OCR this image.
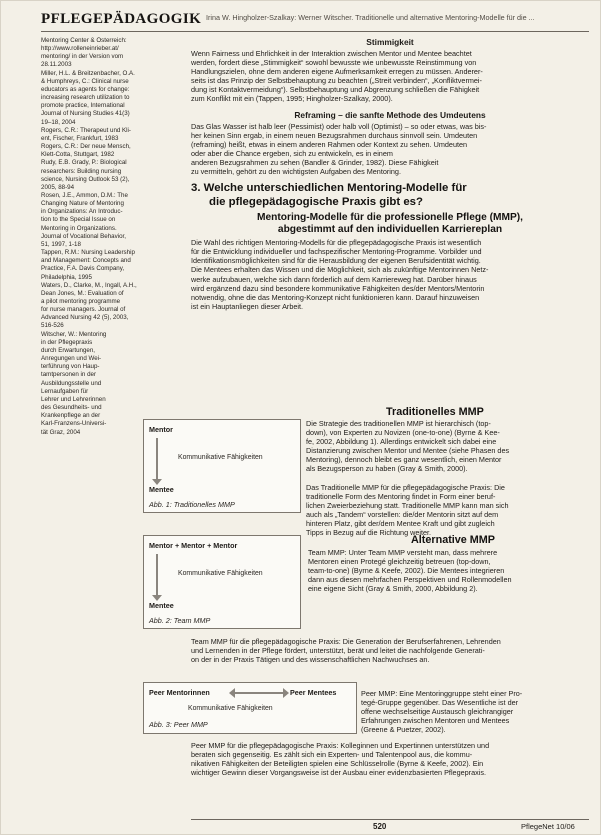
PFLEGEPÄDAGOGIK Irina W. Hingholzer-Szalkay: Werner Witscher. Traditionelle und alternative Mentoring-Modelle für die ...
Mentoring Center & Österreich:
http://www.rolleneinrieber.at/
mentoring/ in der Version vom
28.11.2003
Miller, H.L. & Breitzenbacher, O.A.
& Humphreys, C.: Clinical nurse
educators as agents for change:
increasing research utilization to
promote practice, International
Journal of Nursing Studies 41(3)
19–18, 2004
Rogers, C.R.: Therapeut und Kli-
ent, Fischer, Frankfurt, 1983
Rogers, C.R.: Der neue Mensch,
Klett-Cotta, Stuttgart, 1982
Rudy, E.B. Grady, P.: Biological
researchers: Building nursing
science, Nursing Outlook 53 (2),
2005, 88-94
Rosen, J.E., Ammon, D.M.: The
Changing Nature of Mentoring
in Organizations: An Introduc-
tion to the Special Issue on
Mentoring in Organizations.
Journal of Vocational Behavior,
51, 1997, 1-18
Tappen, R.M.: Nursing Leadership
and Management: Concepts and
Practice, F.A. Davis Company,
Philadelphia, 1995
Waters, D., Clarke, M., Ingall, A.H.,
Dean Jones, M.: Evaluation of
a pilot mentoring programme
for nurse managers. Journal of
Advanced Nursing 42 (5), 2003,
516-526
Witscher, W.: Mentoring
in der Pflegepraxis
durch Erwartungen,
Anregungen und Wei-
terführung von Haup-
tamtpersonen in der
Ausbildungsstelle und
Lernaufgaben für
Lehrer und Lehrerinnen
des Gesundheits- und
Krankenpflege an der
Karl-Franzens-Universi-
tät Graz, 2004
Stimmigkeit
Wenn Fairness und Ehrlichkeit in der Interaktion zwischen Mentor und Mentee beachtet
werden, fordert diese „Stimmigkeit“ sowohl bewusste wie unbewusste Reinstimmung von
Handlungszielen, ohne dem anderen eigene Aufmerksamkeit erregen zu müssen. Anderer-
seits ist das Prinzip der Selbstbehauptung zu beachten („Streit verbinden“, „Konfliktvermei-
dung ist Kontaktvermeidung“). Selbstbehauptung und Abgrenzung schließen die Fähigkeit
zum Konflikt mit ein (Tappen, 1995; Hingholzer-Szalkay, 2000).
Reframing – die sanfte Methode des Umdeutens
Das Glas Wasser ist halb leer (Pessimist) oder halb voll (Optimist) – so oder etwas, was bis-
her keinen Sinn ergab, in einem neuen Bezugsrahmen durchaus sinnvoll sein. Umdeuten
(reframing) heißt, etwas in einem anderen Rahmen oder Kontext zu sehen. Umdeuten
oder aber die Chance ergeben, sich zu entwickeln, es in einem
anderen Bezugsrahmen zu sehen (Bandler & Grinder, 1982). Diese Fähigkeit
zu vermitteln, gehört zu den wichtigsten Aufgaben des Mentoring.
3. Welche unterschiedlichen Mentoring-Modelle für
die pflegepädagogische Praxis gibt es?
Mentoring-Modelle für die professionelle Pflege (MMP),
abgestimmt auf den individuellen Karriereplan
Die Wahl des richtigen Mentoring-Modells für die pflegepädagogische Praxis ist wesentlich
für die Entwicklung individueller und fachspezifischer Mentoring-Programme. Vorbilder und
Identifikationsmöglichkeiten sind für die Herausbildung der eigenen Berufsidentität wichtig.
Die Mentees erhalten das Wissen und die Möglichkeit, sich als zukünftige Mentorinnen Netz-
werke aufzubauen, welche sich dann förderlich auf dem Karriereweg hat. Darüber hinaus
wird ergänzend dazu sind besondere kommunikative Fähigkeiten des/der Mentors/Mentorin
notwendig, ohne die das Mentoring-Konzept nicht funktionieren kann. Darauf hinzuweisen
ist ein Hauptanliegen dieser Arbeit.
Traditionelles MMP
Die Strategie des traditionellen MMP ist hierarchisch (top-
down), von Experten zu Novizen (one-to-one) (Byrne & Kee-
fe, 2002, Abbildung 1). Allerdings entwickelt sich dabei eine
Distanzierung zwischen Mentor und Mentee (siehe Phasen des
Mentoring), dennoch bleibt es ganz wesentlich, einen Mentor
als Bezugsperson zu haben (Gray & Smith, 2000).

Das Traditionelle MMP für die pflegepädagogische Praxis: Die
traditionelle Form des Mentoring findet in Form einer beruf-
lichen Zweierbeziehung statt. Traditionelle MMP kann man sich
auch als „Tandem“ vorstellen: die/der Mentorin sitzt auf dem
hinteren Platz, gibt der/dem Mentee Kraft und gibt zugleich
Tipps in Bezug auf die Richtung weiter.
Alternative MMP
Team MMP: Unter Team MMP versteht man, dass mehrere
Mentoren einen Protegé gleichzeitig betreuen (top-down,
team-to-one) (Byrne & Keefe, 2002). Die Mentees integrieren
dann aus diesen mehrfachen Perspektiven und Rollenmodellen
eine eigene Sicht (Gray & Smith, 2000, Abbildung 2).
Team MMP für die pflegepädagogische Praxis: Die Generation der Berufserfahrenen, Lehrenden
und Lernenden in der Pflege fördert, unterstützt, berät und leitet die nachfolgende Generati-
on der in der Praxis Tätigen und des wissenschaftlichen Nachwuchses an.
Peer MMP: Eine Mentoringgruppe steht einer Pro-
tegé-Gruppe gegenüber. Das Wesentliche ist der
offene wechselseitige Austausch gleichrangiger
Erfahrungen zwischen Mentoren und Mentees
(Greene & Puetzer, 2002).
Peer MMP für die pflegepädagogische Praxis: Kolleginnen und Expertinnen unterstützen und
beraten sich gegenseitig. Es zählt sich ein Experten- und Talentenpool aus, die kommu-
nikativen Fähigkeiten der Beteiligten spielen eine Schlüsselrolle (Byrne & Keefe, 2002). Ein
wichtiger Gewinn dieser Vorgangsweise ist der Ausbau einer evidenzbasierten Pflegepraxis.
Mentor
Kommunikative Fähigkeiten
Mentee
Abb. 1: Traditionelles MMP
Mentor + Mentor + Mentor
Kommunikative Fähigkeiten
Mentee
Abb. 2: Team MMP
Peer Mentorinnen	Peer Mentees
Kommunikative Fähigkeiten
Abb. 3: Peer MMP
520	PflegeNet 10/06
